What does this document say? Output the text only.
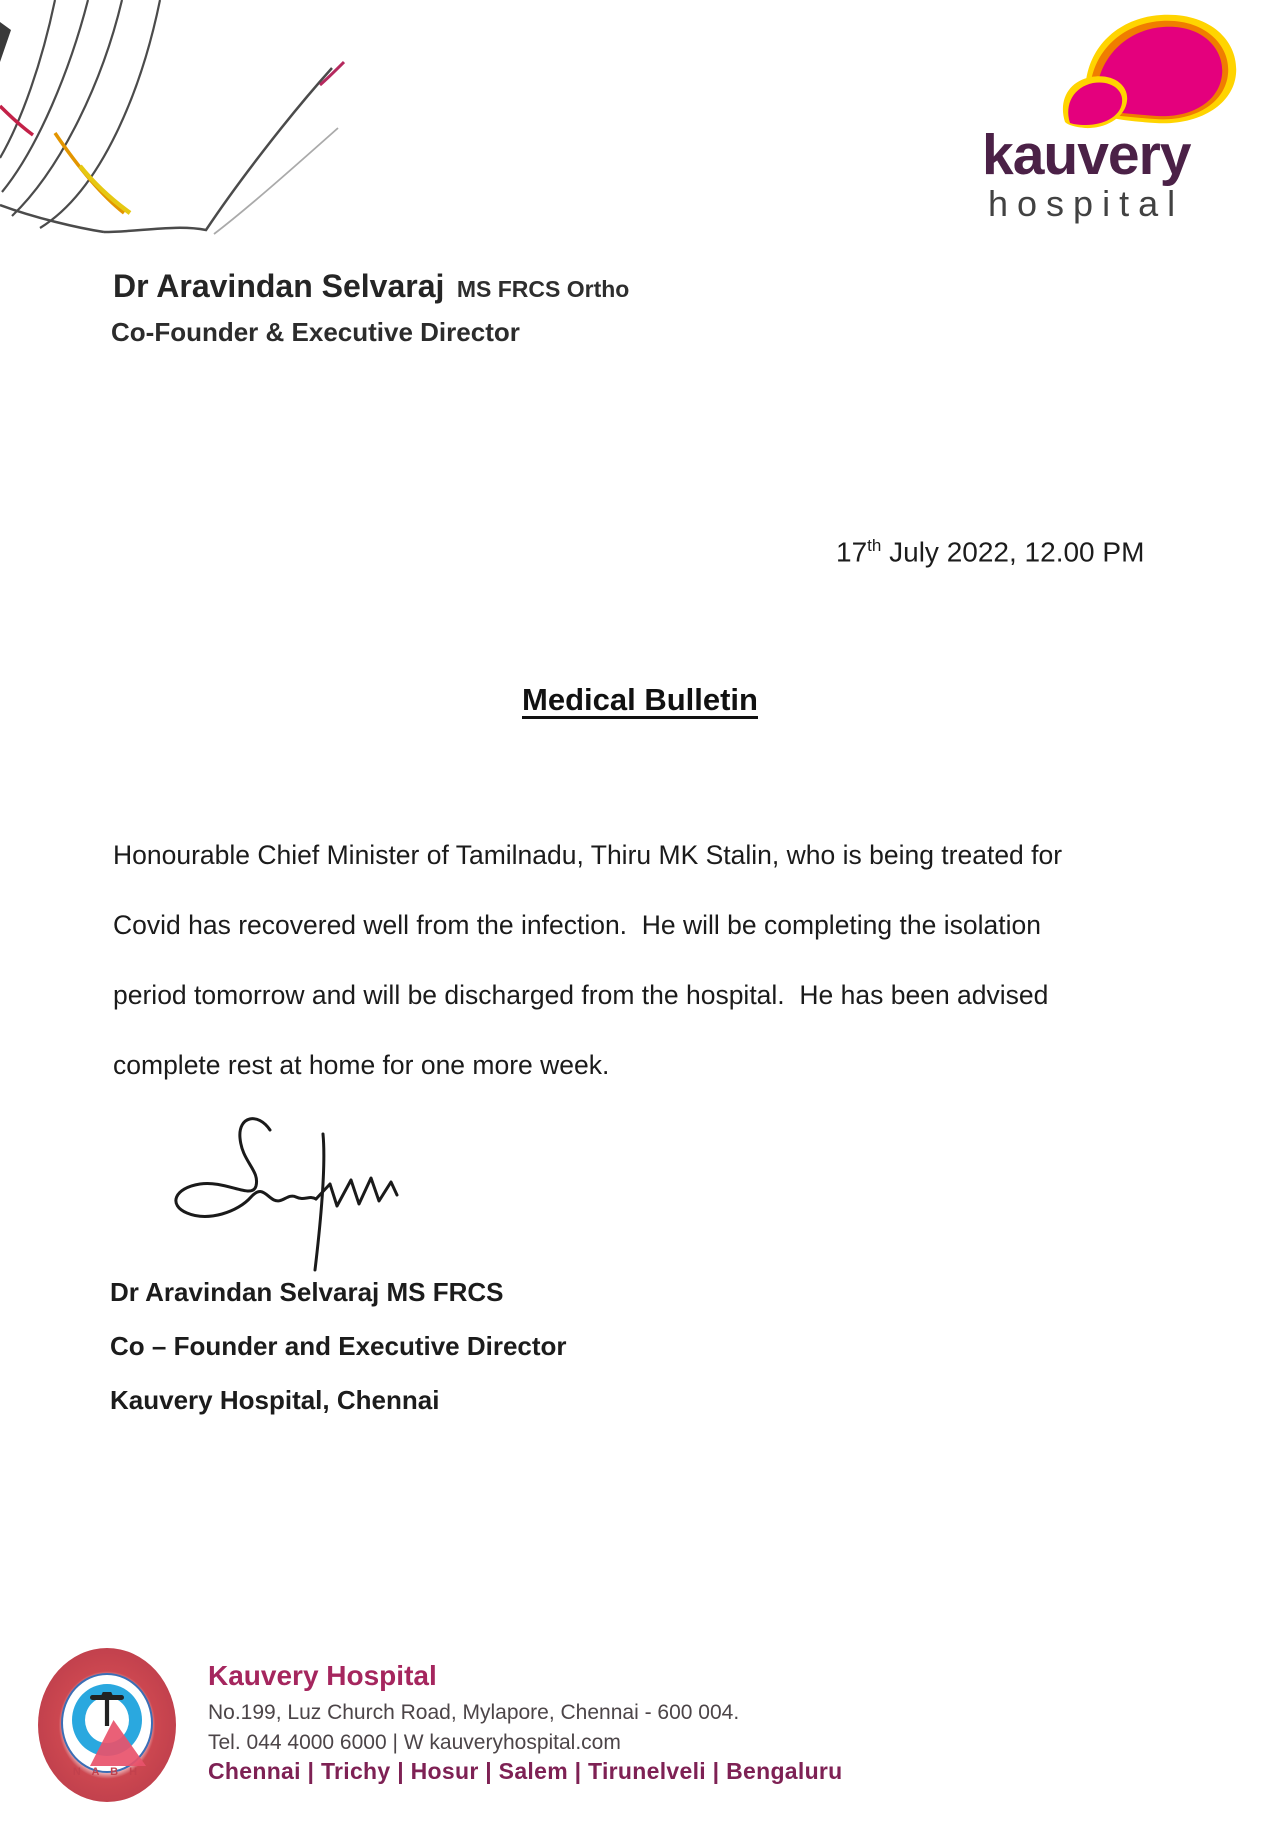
kauvery
hospital
Dr Aravindan Selvaraj MS FRCS Ortho
Co-Founder & Executive Director
17th July 2022, 12.00 PM
Medical Bulletin
Honourable Chief Minister of Tamilnadu, Thiru MK Stalin, who is being treated for
Covid has recovered well from the infection.  He will be completing the isolation
period tomorrow and will be discharged from the hospital.  He has been advised
complete rest at home for one more week.
Dr Aravindan Selvaraj MS FRCS
Co – Founder and Executive Director
Kauvery Hospital, Chennai
N A B H
Kauvery Hospital
No.199, Luz Church Road, Mylapore, Chennai - 600 004.
Tel. 044 4000 6000 | W kauveryhospital.com
Chennai | Trichy | Hosur | Salem | Tirunelveli | Bengaluru
